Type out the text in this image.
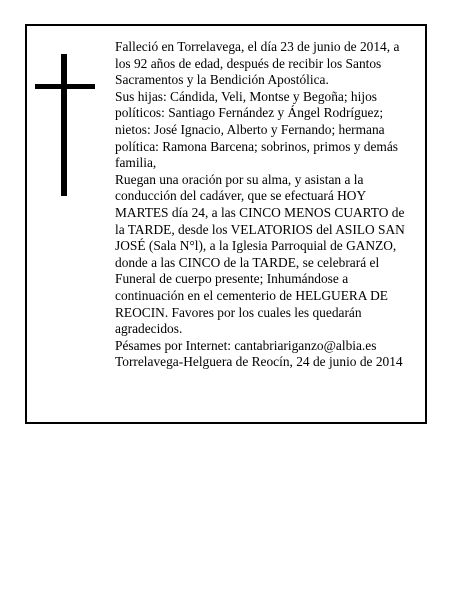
Falleció en Torrelavega, el día 23 de junio de 2014, a

los 92 años de edad, después de recibir los Santos

Sacramentos y la Bendición Apostólica.

Sus hijas: Cándida, Veli, Montse y Begoña; hijos

políticos: Santiago Fernández y Ángel Rodríguez;

nietos: José Ignacio, Alberto y Fernando; hermana

política: Ramona Barcena; sobrinos, primos y demás

familia,

Ruegan una oración por su alma, y asistan a la

conducción del cadáver, que se efectuará HOY

MARTES día 24, a las CINCO MENOS CUARTO de

la TARDE, desde los VELATORIOS del ASILO SAN

JOSÉ (Sala N°l), a la Iglesia Parroquial de GANZO,

donde a las CINCO de la TARDE, se celebrará el

Funeral de cuerpo presente; Inhumándose a

continuación en el cementerio de HELGUERA DE

REOCIN. Favores por los cuales les quedarán

agradecidos.

Pésames por Internet: cantabriariganzo@albia.es

Torrelavega-Helguera de Reocín, 24 de junio de 2014
